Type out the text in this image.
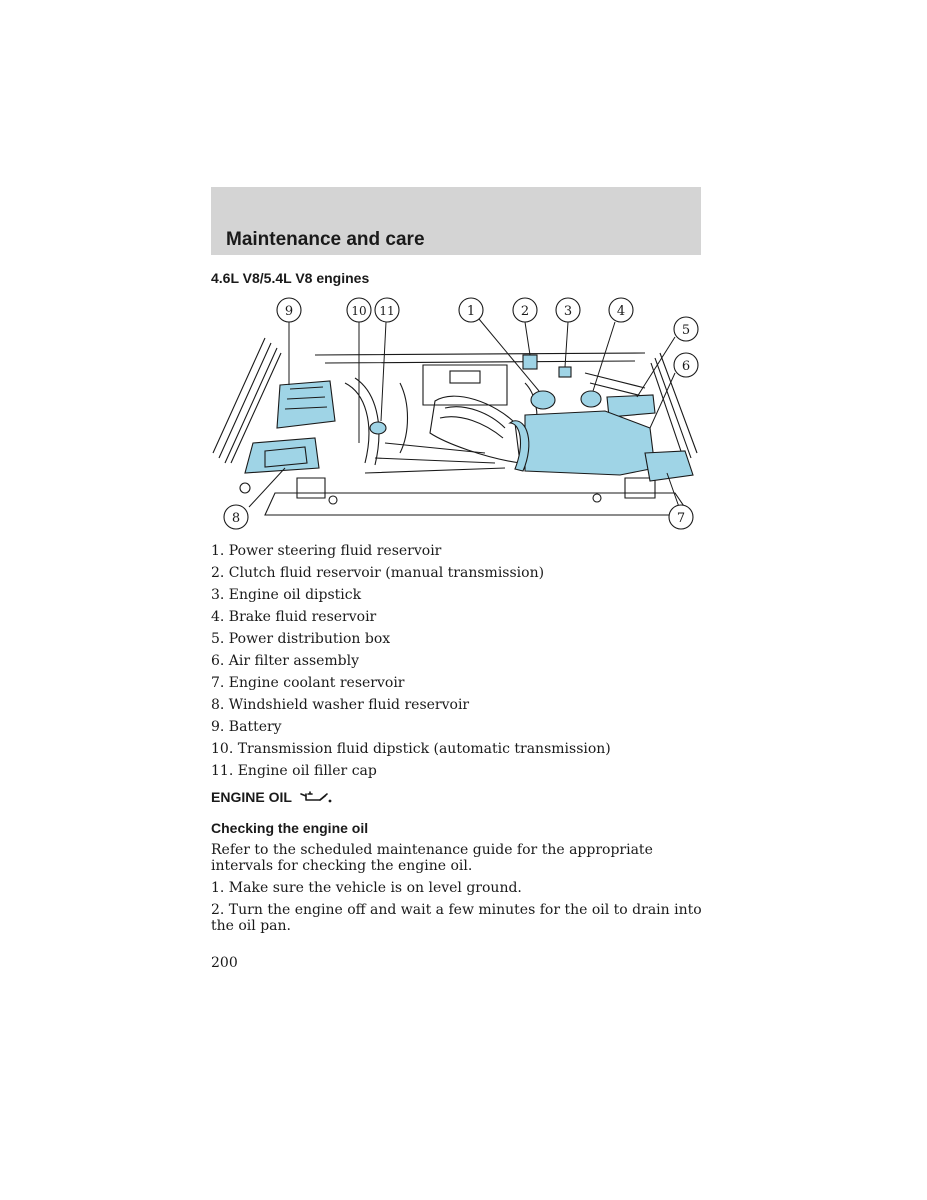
Maintenance and care
4.6L V8/5.4L V8 engines
9	10 11	1	2	3	4
5
6
8	7
1. Power steering fluid reservoir
2. Clutch fluid reservoir (manual transmission)
3. Engine oil dipstick
4. Brake fluid reservoir
5. Power distribution box
6. Air filter assembly
7. Engine coolant reservoir
8. Windshield washer fluid reservoir
9. Battery
10. Transmission fluid dipstick (automatic transmission)
11. Engine oil filler cap
ENGINE OIL
Checking the engine oil

Refer to the scheduled maintenance guide for the appropriate intervals for checking the engine oil.

1. Make sure the vehicle is on level ground.

2. Turn the engine off and wait a few minutes for the oil to drain into the oil pan.

200
